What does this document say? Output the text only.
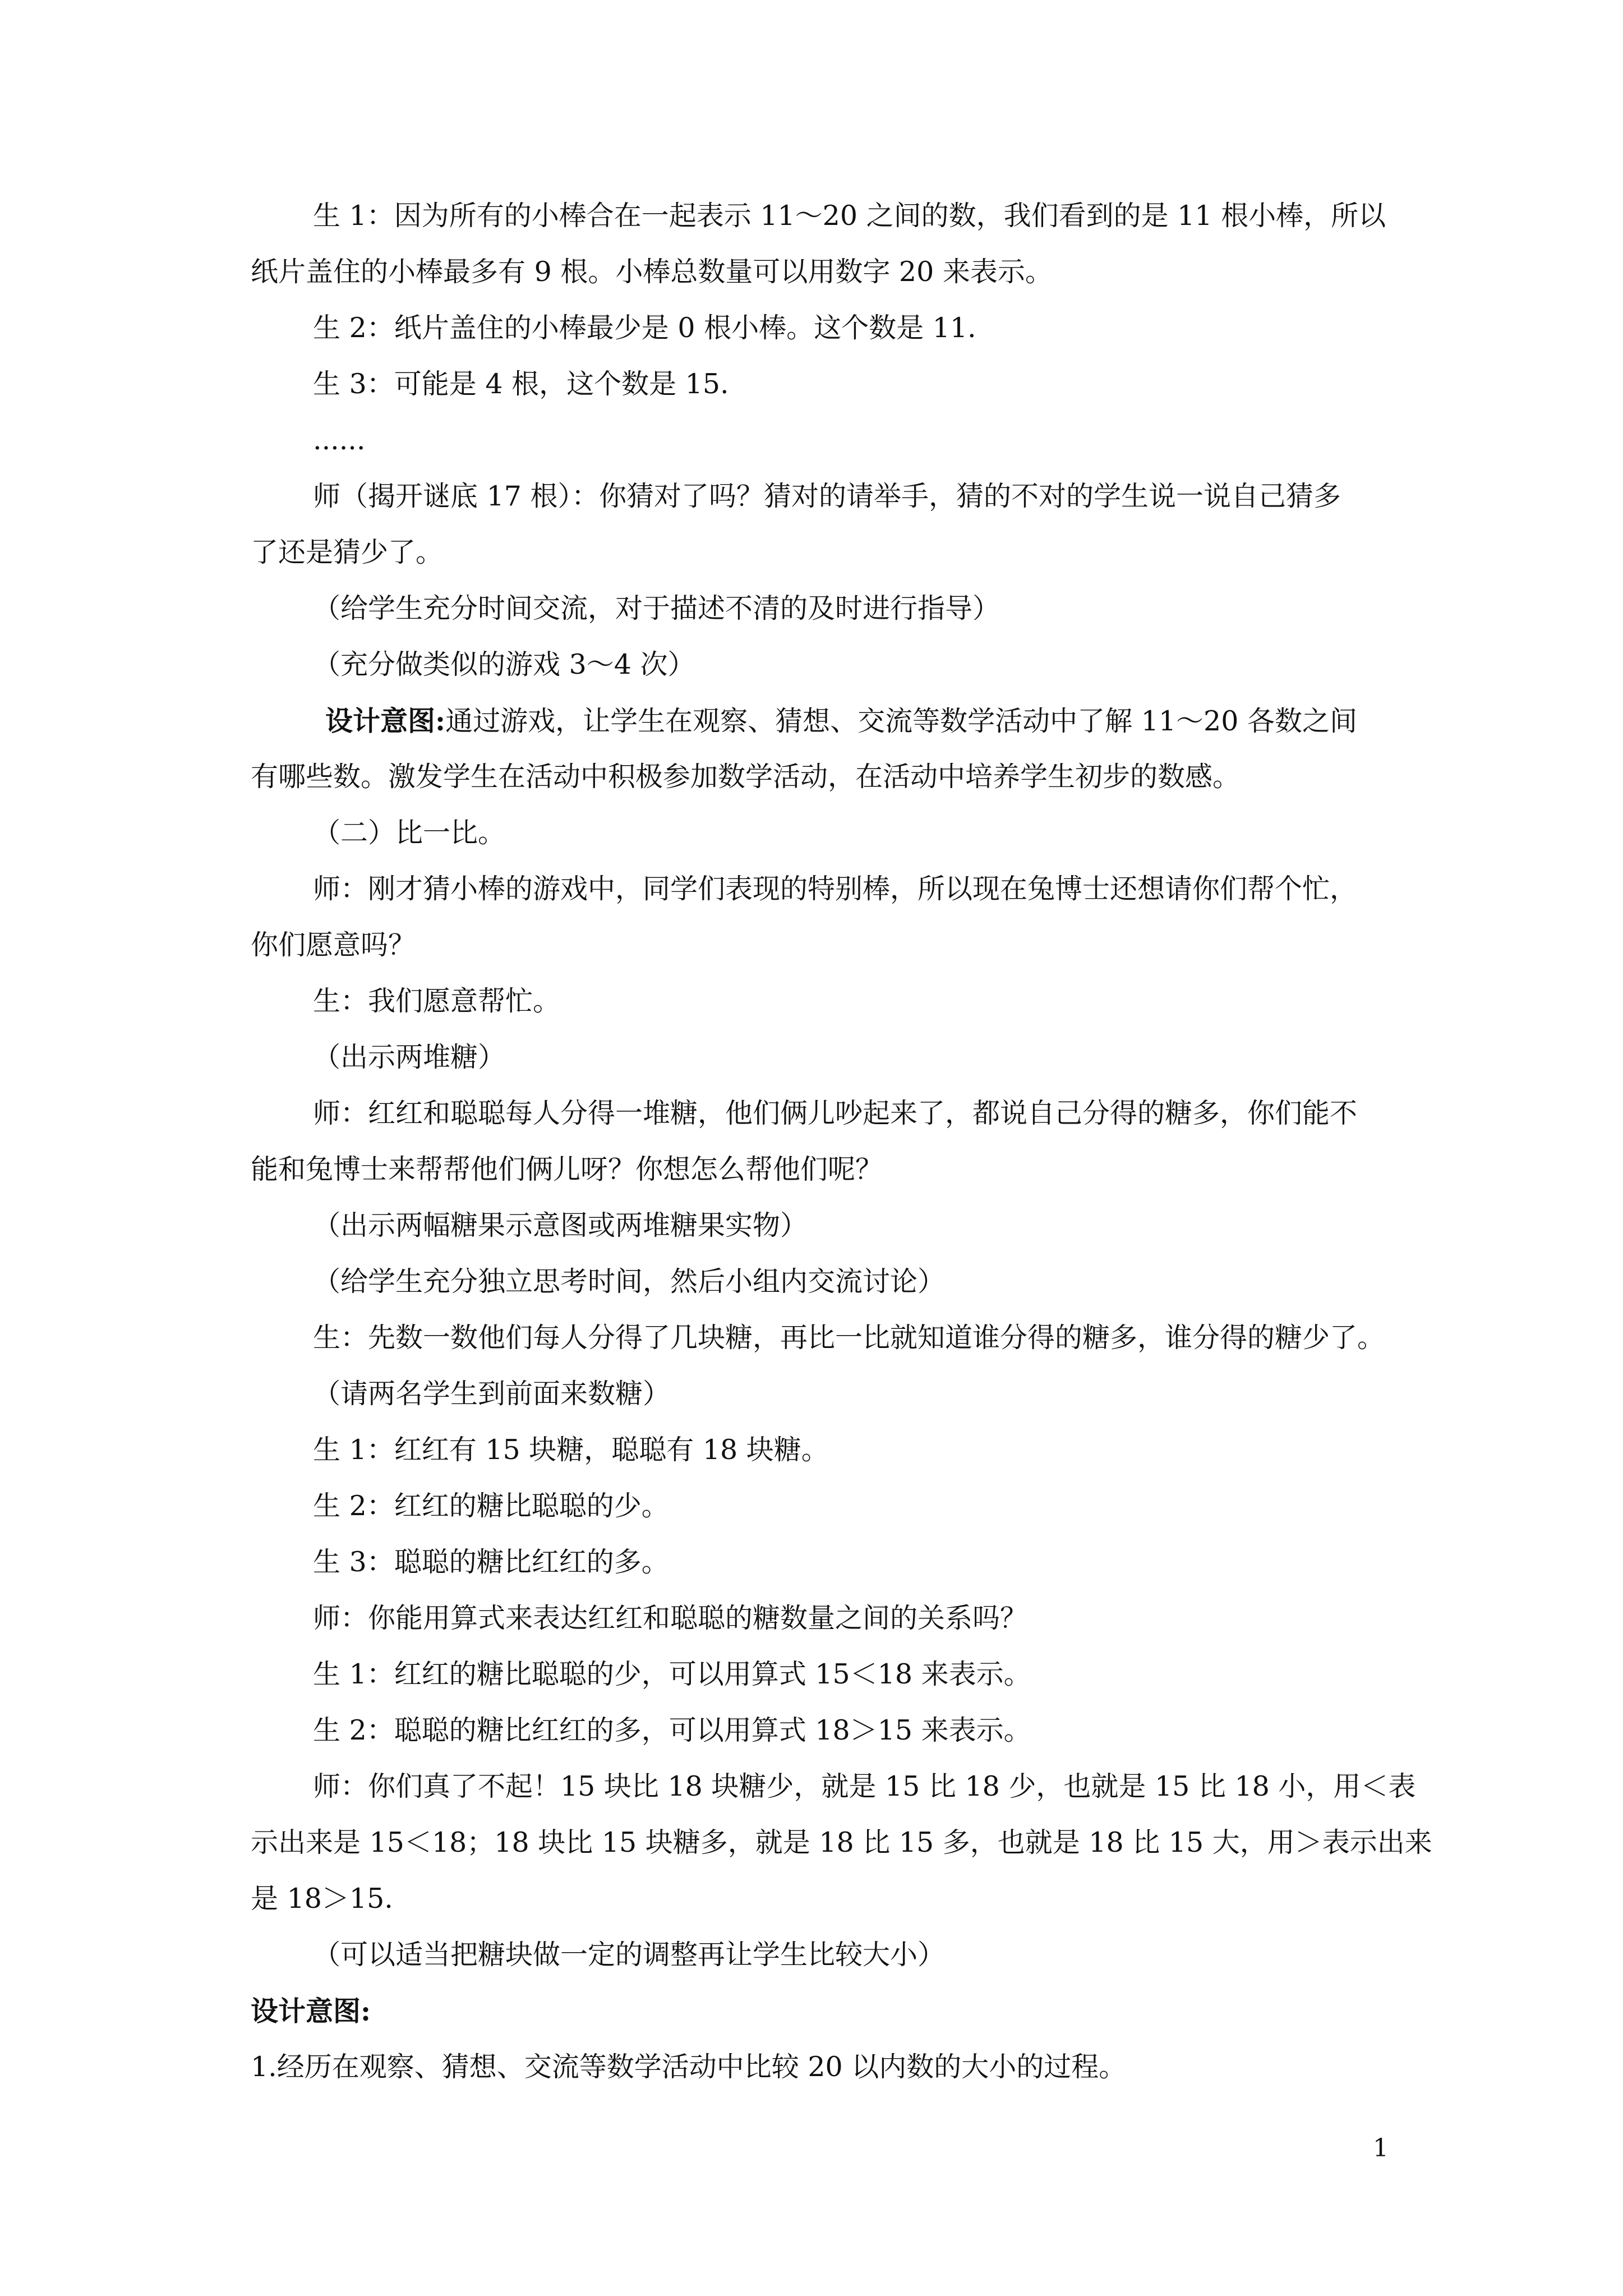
生 1：因为所有的小棒合在一起表示 11～20 之间的数，我们看到的是 11 根小棒，所以
纸片盖住的小棒最多有 9 根。小棒总数量可以用数字 20 来表示。
生 2：纸片盖住的小棒最少是 0 根小棒。这个数是 11.
生 3：可能是 4 根，这个数是 15.
......
师（揭开谜底 17 根）：你猜对了吗？猜对的请举手，猜的不对的学生说一说自己猜多
了还是猜少了。
（给学生充分时间交流，对于描述不清的及时进行指导）
（充分做类似的游戏 3～4 次）
设计意图:通过游戏，让学生在观察、猜想、交流等数学活动中了解 11～20 各数之间
有哪些数。激发学生在活动中积极参加数学活动，在活动中培养学生初步的数感。
（二）比一比。
师：刚才猜小棒的游戏中，同学们表现的特别棒，所以现在兔博士还想请你们帮个忙，
你们愿意吗？
生：我们愿意帮忙。
（出示两堆糖）
师：红红和聪聪每人分得一堆糖，他们俩儿吵起来了，都说自己分得的糖多，你们能不
能和兔博士来帮帮他们俩儿呀？你想怎么帮他们呢？
（出示两幅糖果示意图或两堆糖果实物）
（给学生充分独立思考时间，然后小组内交流讨论）
生：先数一数他们每人分得了几块糖，再比一比就知道谁分得的糖多，谁分得的糖少了。
（请两名学生到前面来数糖）
生 1：红红有 15 块糖，聪聪有 18 块糖。
生 2：红红的糖比聪聪的少。
生 3：聪聪的糖比红红的多。
师：你能用算式来表达红红和聪聪的糖数量之间的关系吗？
生 1：红红的糖比聪聪的少，可以用算式 15＜18 来表示。
生 2：聪聪的糖比红红的多，可以用算式 18＞15 来表示。
师：你们真了不起！15 块比 18 块糖少，就是 15 比 18 少，也就是 15 比 18 小，用＜表
示出来是 15＜18；18 块比 15 块糖多，就是 18 比 15 多，也就是 18 比 15 大，用＞表示出来
是 18＞15.
（可以适当把糖块做一定的调整再让学生比较大小）
设计意图:
1.经历在观察、猜想、交流等数学活动中比较 20 以内数的大小的过程。
1
